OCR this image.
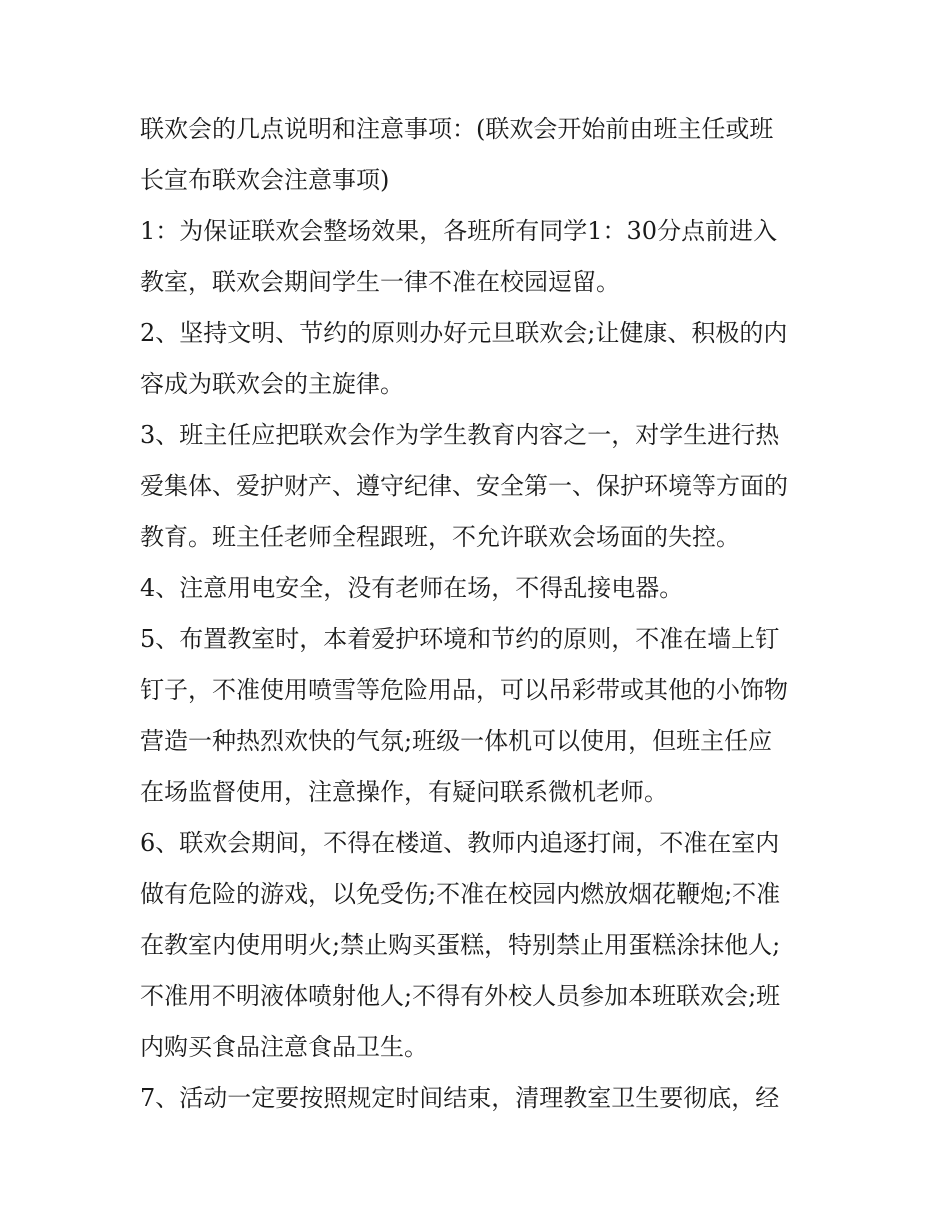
联欢会的几点说明和注意事项：(联欢会开始前由班主任或班
长宣布联欢会注意事项)
1：为保证联欢会整场效果，各班所有同学1：30分点前进入
教室，联欢会期间学生一律不准在校园逗留。
2、坚持文明、节约的原则办好元旦联欢会;让健康、积极的内
容成为联欢会的主旋律。
3、班主任应把联欢会作为学生教育内容之一，对学生进行热
爱集体、爱护财产、遵守纪律、安全第一、保护环境等方面的
教育。班主任老师全程跟班，不允许联欢会场面的失控。
4、注意用电安全，没有老师在场，不得乱接电器。
5、布置教室时，本着爱护环境和节约的原则，不准在墙上钉
钉子，不准使用喷雪等危险用品，可以吊彩带或其他的小饰物
营造一种热烈欢快的气氛;班级一体机可以使用，但班主任应
在场监督使用，注意操作，有疑问联系微机老师。
6、联欢会期间，不得在楼道、教师内追逐打闹，不准在室内
做有危险的游戏，以免受伤;不准在校园内燃放烟花鞭炮;不准
在教室内使用明火;禁止购买蛋糕，特别禁止用蛋糕涂抹他人;
不准用不明液体喷射他人;不得有外校人员参加本班联欢会;班
内购买食品注意食品卫生。
7、活动一定要按照规定时间结束，清理教室卫生要彻底，经
